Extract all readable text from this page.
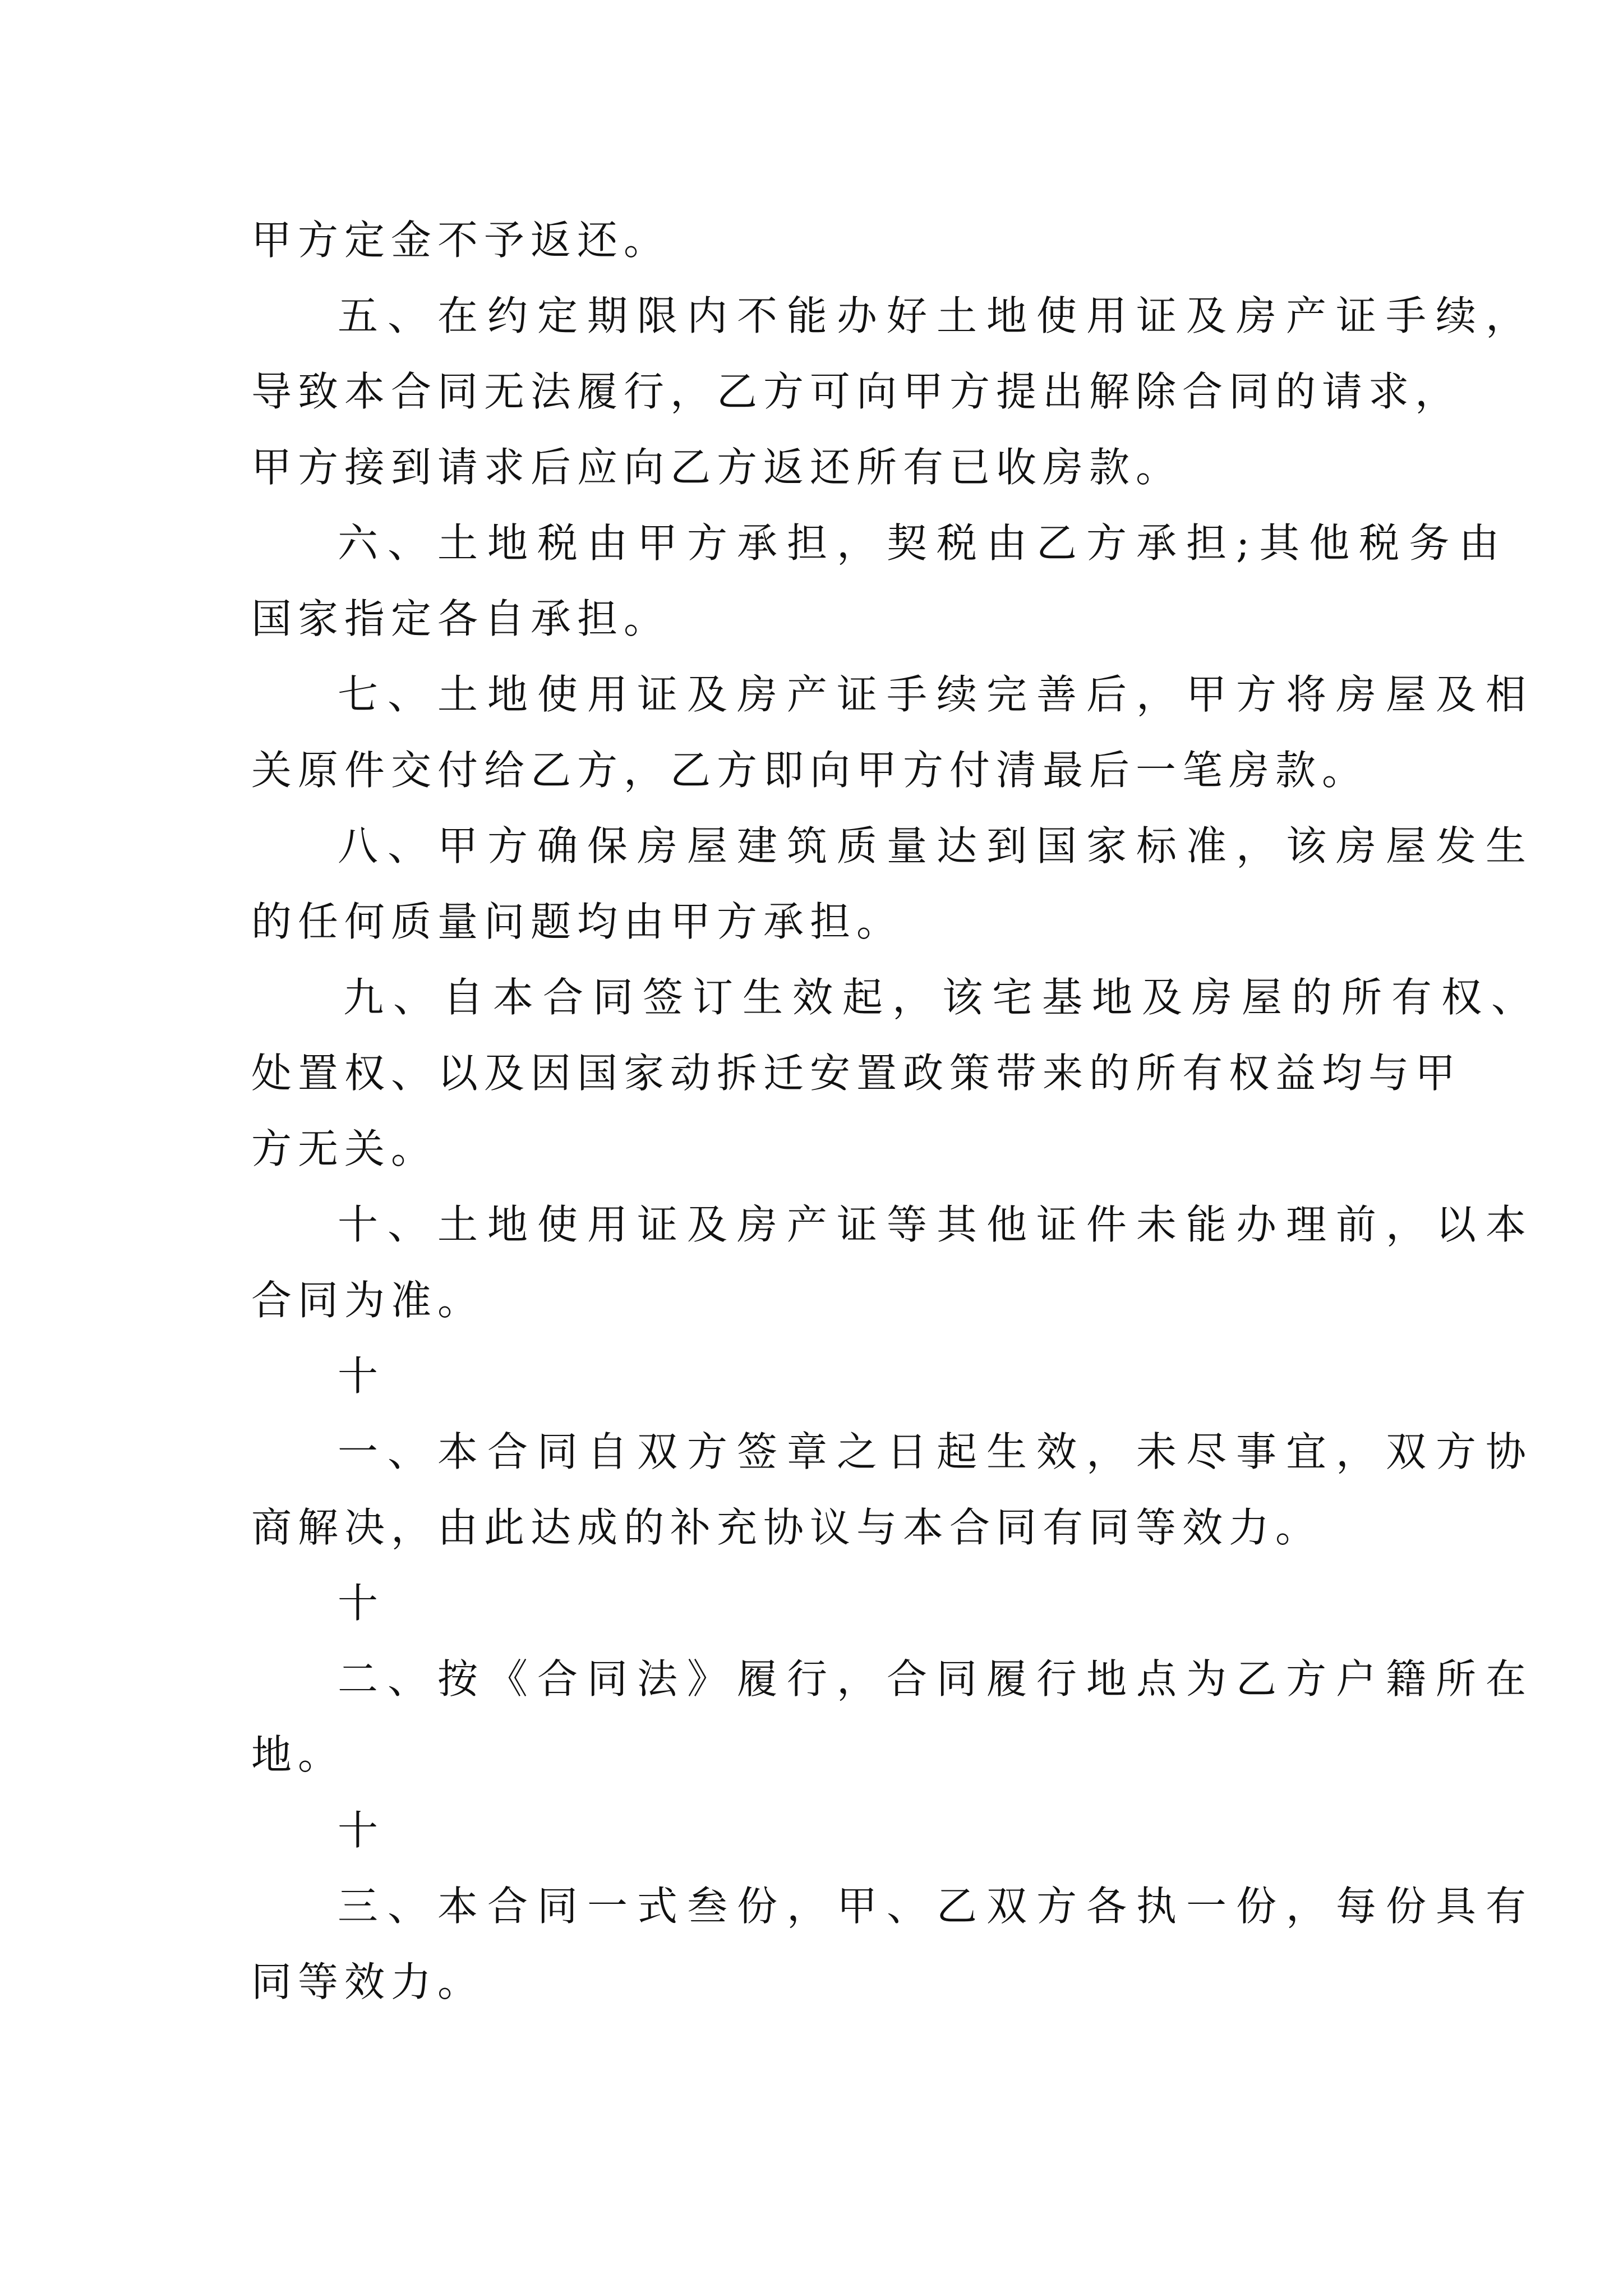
甲方定金不予返还。
五、在约定期限内不能办好土地使用证及房产证手续，
导致本合同无法履行，乙方可向甲方提出解除合同的请求，
甲方接到请求后应向乙方返还所有已收房款。
六、土地税由甲方承担，契税由乙方承担;其他税务由
国家指定各自承担。
七、土地使用证及房产证手续完善后，甲方将房屋及相
关原件交付给乙方，乙方即向甲方付清最后一笔房款。
八、甲方确保房屋建筑质量达到国家标准，该房屋发生
的任何质量问题均由甲方承担。
九、自本合同签订生效起，该宅基地及房屋的所有权、
处置权、以及因国家动拆迁安置政策带来的所有权益均与甲
方无关。
十、土地使用证及房产证等其他证件未能办理前，以本
合同为准。
十
一、本合同自双方签章之日起生效，未尽事宜，双方协
商解决，由此达成的补充协议与本合同有同等效力。
十
二、按《合同法》履行，合同履行地点为乙方户籍所在
地。
十
三、本合同一式叁份，甲、乙双方各执一份，每份具有
同等效力。
